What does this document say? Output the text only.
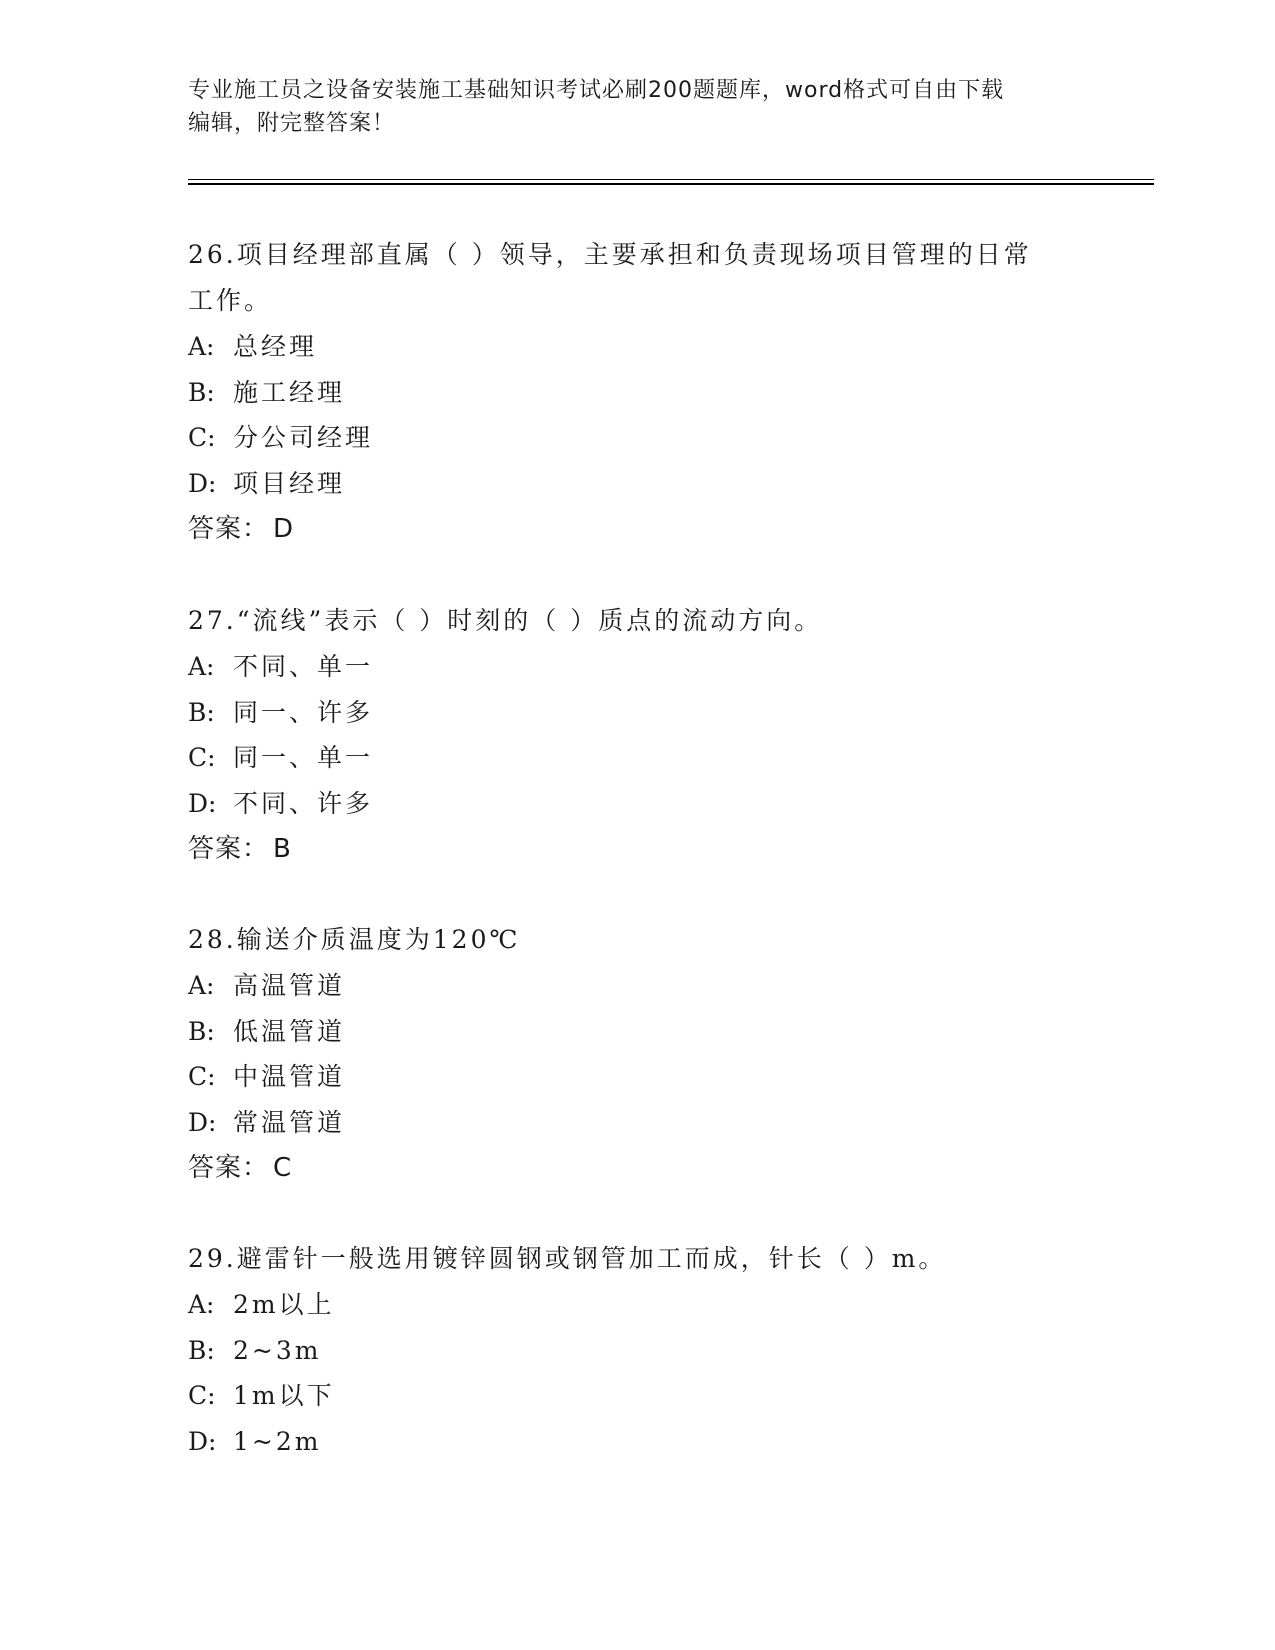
专业施工员之设备安装施工基础知识考试必刷200题题库，word格式可自由下载
编辑，附完整答案！
26.项目经理部直属（ ）领导，主要承担和负责现场项目管理的日常
工作。
A: 总经理
B: 施工经理
C: 分公司经理
D: 项目经理
答案： D
27.“流线”表示（ ）时刻的（ ）质点的流动方向。
A: 不同、单一
B: 同一、许多
C: 同一、单一
D: 不同、许多
答案： B
28.输送介质温度为120℃
A: 高温管道
B: 低温管道
C: 中温管道
D: 常温管道
答案： C
29.避雷针一般选用镀锌圆钢或钢管加工而成，针长（ ）m。
A: 2m以上
B: 2~3m
C: 1m以下
D: 1~2m
